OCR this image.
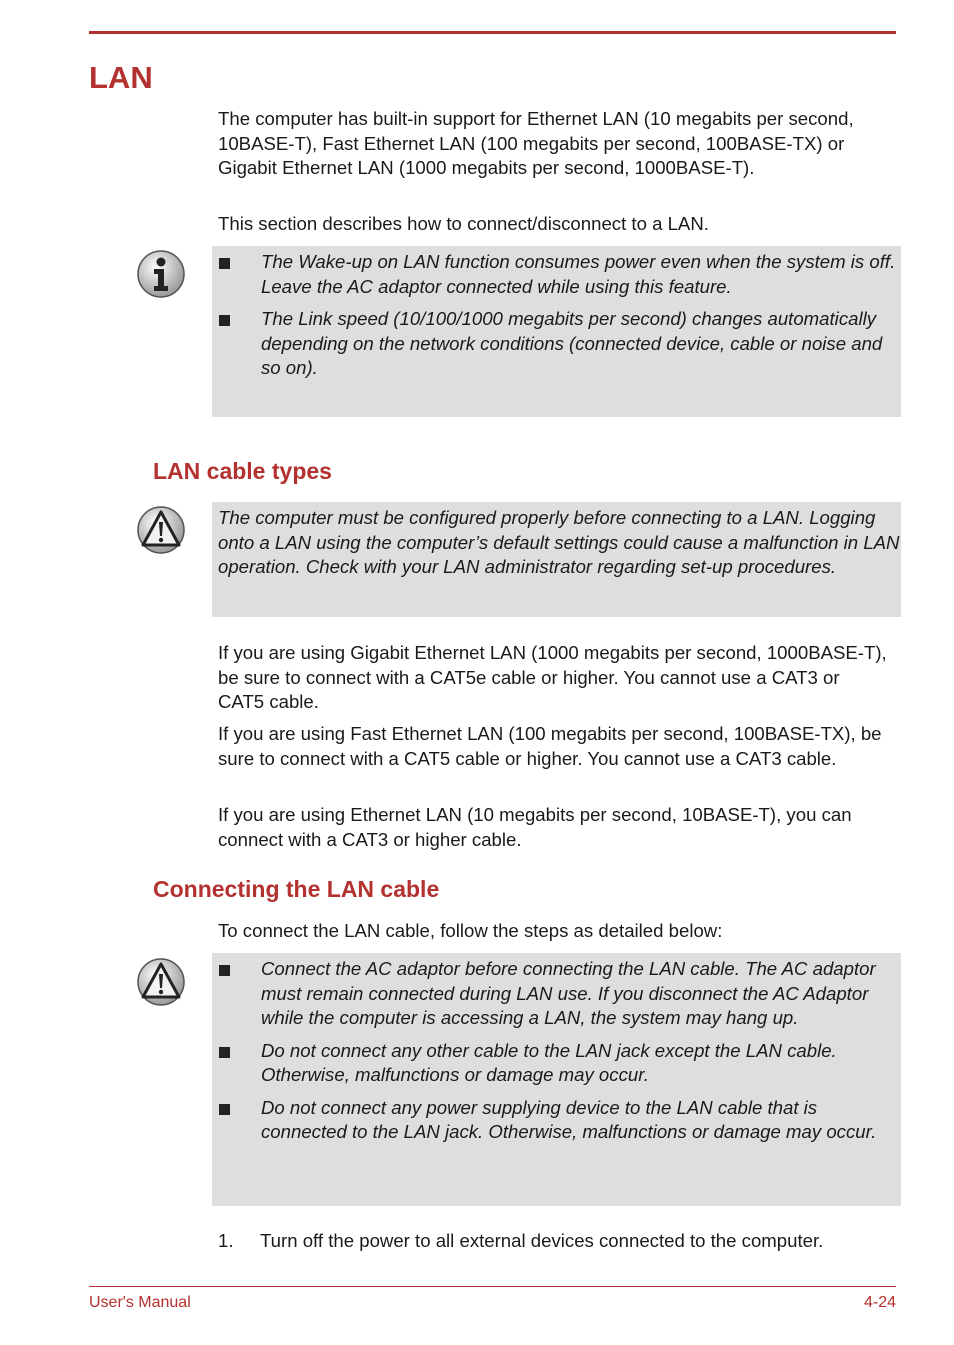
LAN

The computer has built-in support for Ethernet LAN (10 megabits per second, 10BASE-T), Fast Ethernet LAN (100 megabits per second, 100BASE-TX) or Gigabit Ethernet LAN (1000 megabits per second, 1000BASE-T).

This section describes how to connect/disconnect to a LAN.

The Wake-up on LAN function consumes power even when the system is off. Leave the AC adaptor connected while using this feature.
The Link speed (10/100/1000 megabits per second) changes automatically depending on the network conditions (connected device, cable or noise and so on).
LAN cable types

The computer must be configured properly before connecting to a LAN. Logging onto a LAN using the computer’s default settings could cause a malfunction in LAN operation. Check with your LAN administrator regarding set-up procedures.

If you are using Gigabit Ethernet LAN (1000 megabits per second, 1000BASE-T), be sure to connect with a CAT5e cable or higher. You cannot use a CAT3 or CAT5 cable.

If you are using Fast Ethernet LAN (100 megabits per second, 100BASE-TX), be sure to connect with a CAT5 cable or higher. You cannot use a CAT3 cable.

If you are using Ethernet LAN (10 megabits per second, 10BASE-T), you can connect with a CAT3 or higher cable.

Connecting the LAN cable

To connect the LAN cable, follow the steps as detailed below:

Connect the AC adaptor before connecting the LAN cable. The AC adaptor must remain connected during LAN use. If you disconnect the AC Adaptor while the computer is accessing a LAN, the system may hang up.
Do not connect any other cable to the LAN jack except the LAN cable. Otherwise, malfunctions or damage may occur.
Do not connect any power supplying device to the LAN cable that is connected to the LAN jack. Otherwise, malfunctions or damage may occur.
1. Turn off the power to all external devices connected to the computer.
User's Manual	4-24
